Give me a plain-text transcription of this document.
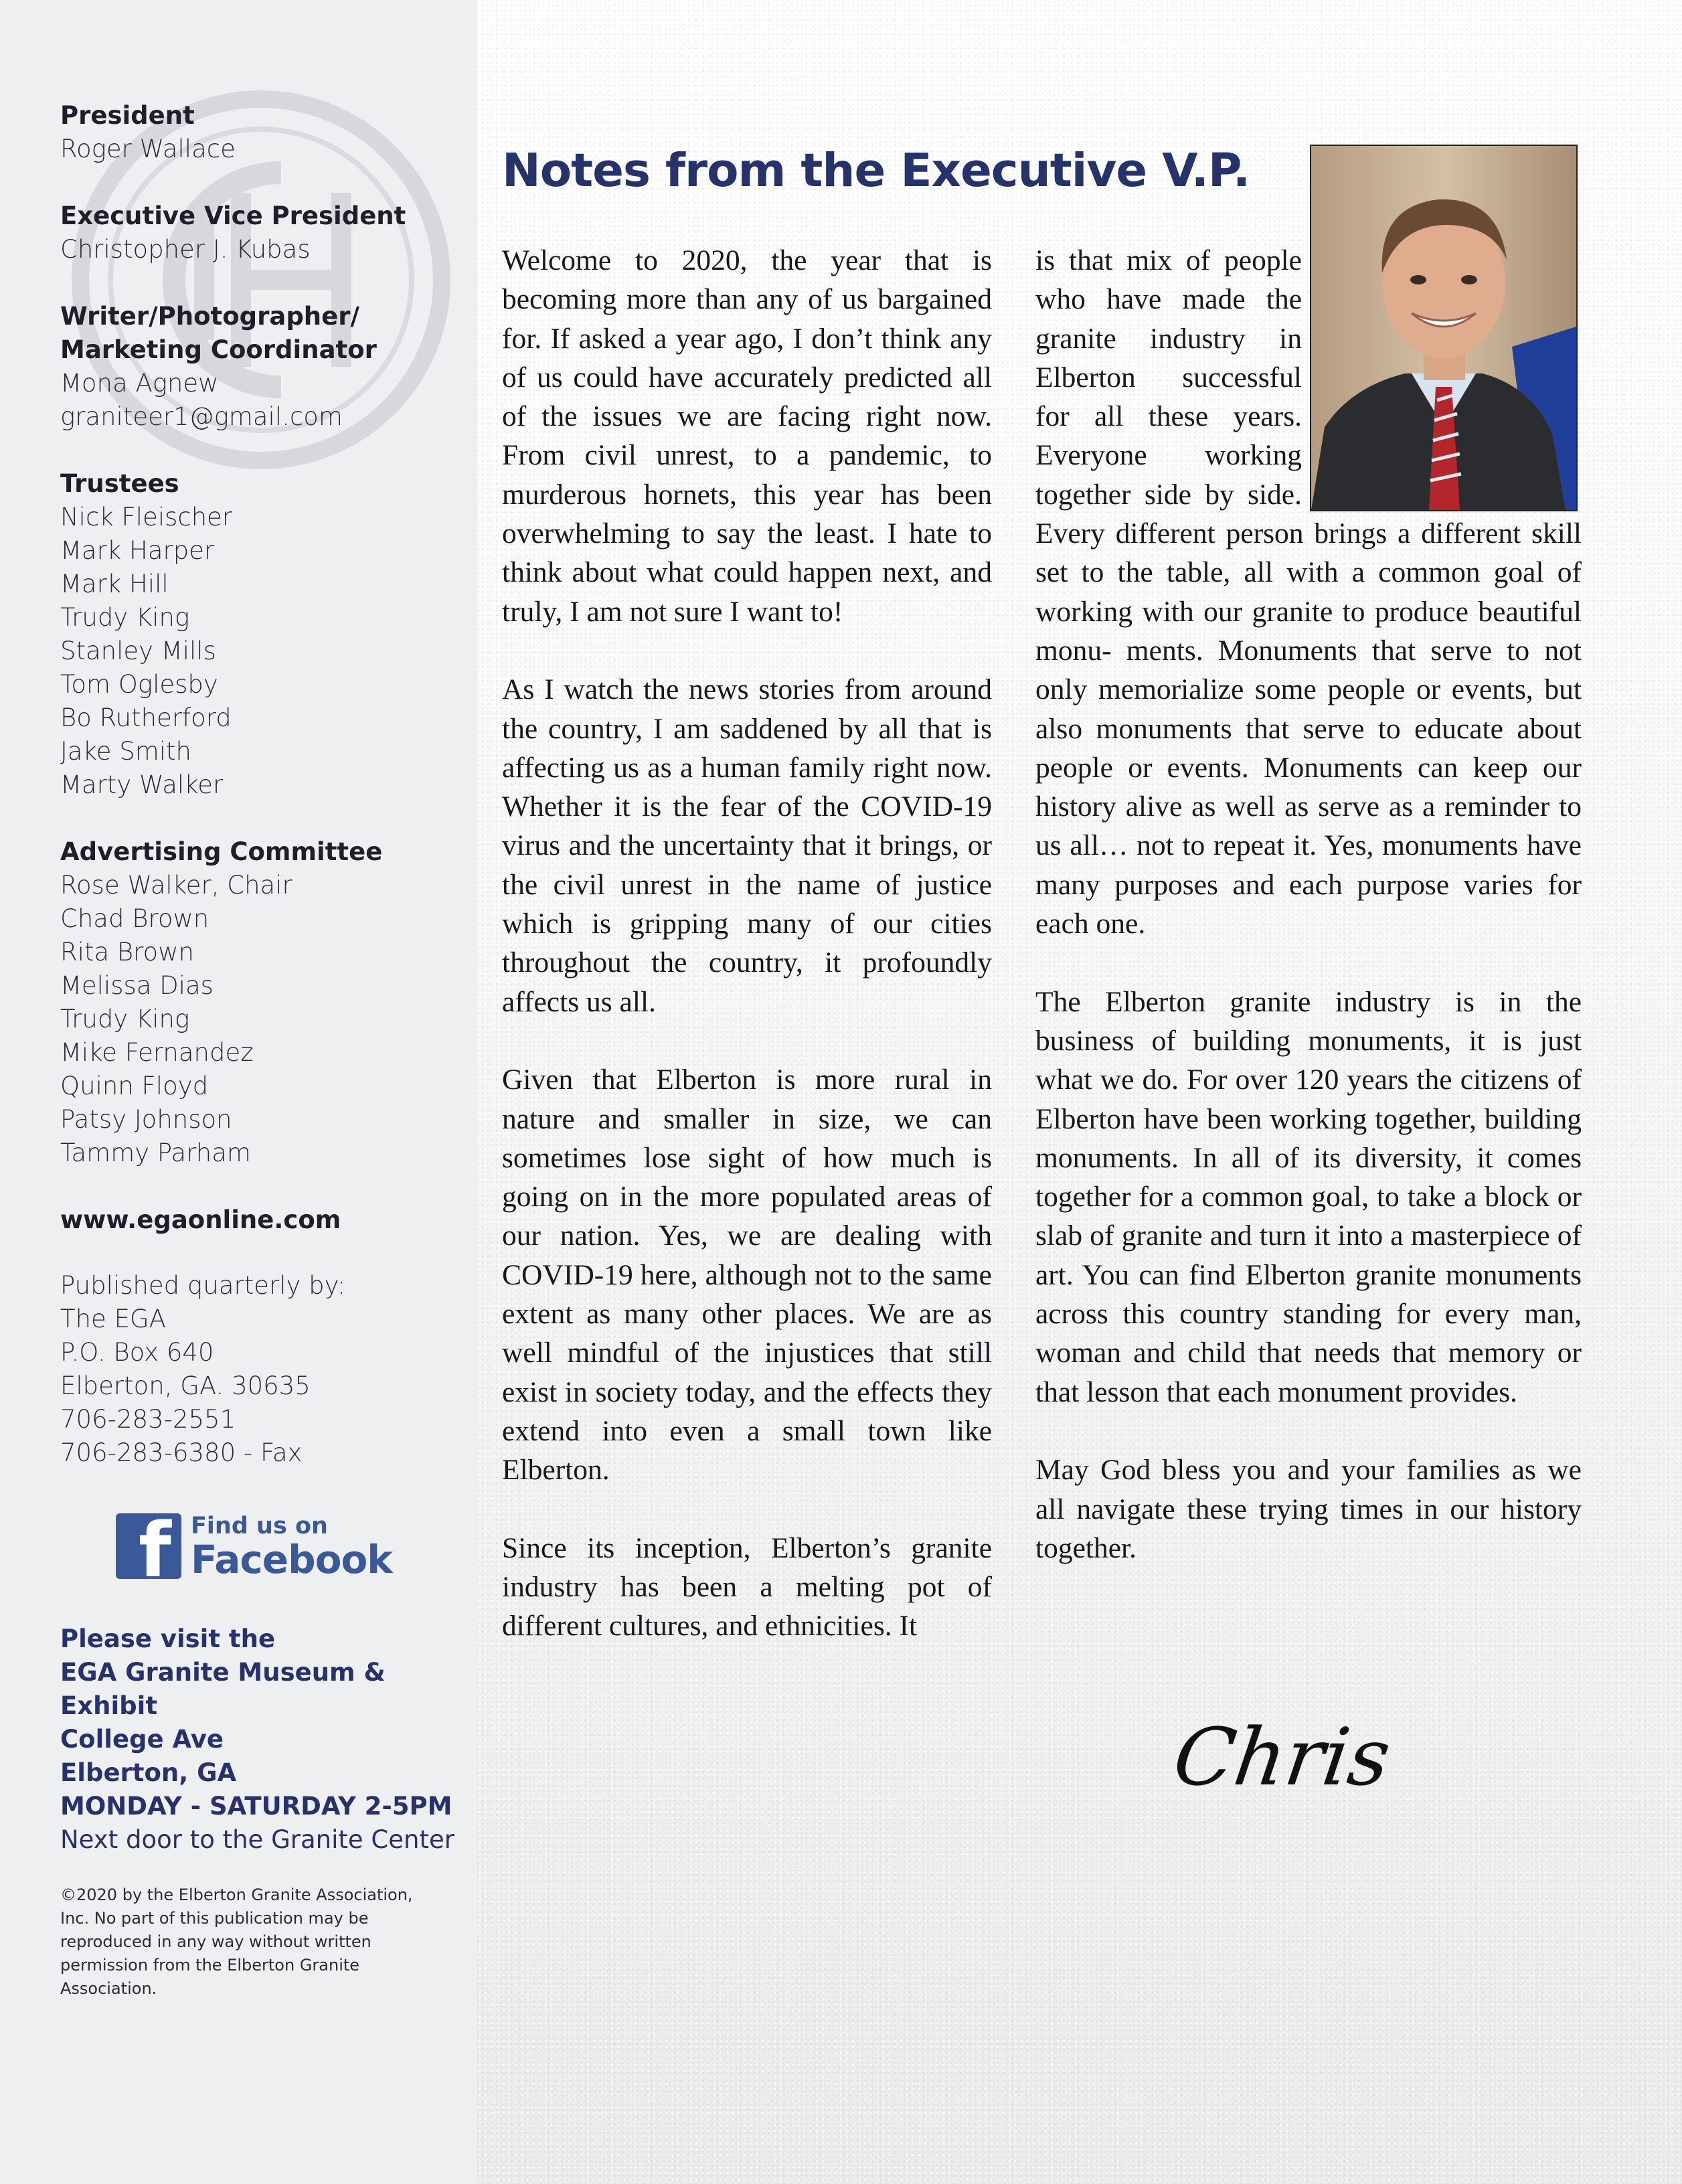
President
Roger Wallace
Executive Vice President
Christopher J. Kubas
Writer/Photographer/
Marketing Coordinator
Mona Agnew
graniteer1@gmail.com
Trustees
Nick Fleischer
Mark Harper
Mark Hill
Trudy King
Stanley Mills
Tom Oglesby
Bo Rutherford
Jake Smith
Marty Walker
Advertising Committee
Rose Walker, Chair
Chad Brown
Rita Brown
Melissa Dias
Trudy King
Mike Fernandez
Quinn Floyd
Patsy Johnson
Tammy Parham
www.egaonline.com
Published quarterly by:
The EGA
P.O. Box 640
Elberton, GA. 30635
706-283-2551
706-283-6380 - Fax
f Find us on
Facebook
Please visit the
EGA Granite Museum & Exhibit
College Ave
Elberton, GA
MONDAY - SATURDAY 2-5PM
Next door to the Granite Center
©2020 by the Elberton Granite Association, Inc. No part of this publication may be reproduced in any way without written permission from the Elberton Granite Association.
Notes from the Executive V.P.

Welcome to 2020, the year that is becoming more than any of us bargained for. If asked a year ago, I don’t think any of us could have accurately predicted all of the issues we are facing right now. From civil unrest, to a pandemic, to murderous hornets, this year has been overwhelming to say the least. I hate to think about what could happen next, and truly, I am not sure I want to!

As I watch the news stories from around the country, I am saddened by all that is affecting us as a human family right now. Whether it is the fear of the COVID-19 virus and the uncertainty that it brings, or the civil unrest in the name of justice which is gripping many of our cities throughout the country, it profoundly affects us all.

Given that Elberton is more rural in nature and smaller in size, we can sometimes lose sight of how much is going on in the more populated areas of our nation. Yes, we are dealing with COVID-19 here, although not to the same extent as many other places. We are as well mindful of the injustices that still exist in society today, and the effects they extend into even a small town like Elberton.

Since its inception, Elberton’s granite industry has been a melting pot of different cultures, and ethnicities. It

is that mix of people who have made the granite industry in Elberton successful for all these years. Everyone working together side by side. Every different person brings a different skill set to the table, all with a common goal of working with our granite to produce beautiful monu- ments. Monuments that serve to not only memorialize some people or events, but also monuments that serve to educate about people or events. Monuments can keep our history alive as well as serve as a reminder to us all… not to repeat it. Yes, monuments have many purposes and each purpose varies for each one.

The Elberton granite industry is in the business of building monuments, it is just what we do. For over 120 years the citizens of Elberton have been working together, building monuments. In all of its diversity, it comes together for a common goal, to take a block or slab of granite and turn it into a masterpiece of art. You can find Elberton granite monuments across this country standing for every man, woman and child that needs that memory or that lesson that each monument provides.

May God bless you and your families as we all navigate these trying times in our history together.

Chris
